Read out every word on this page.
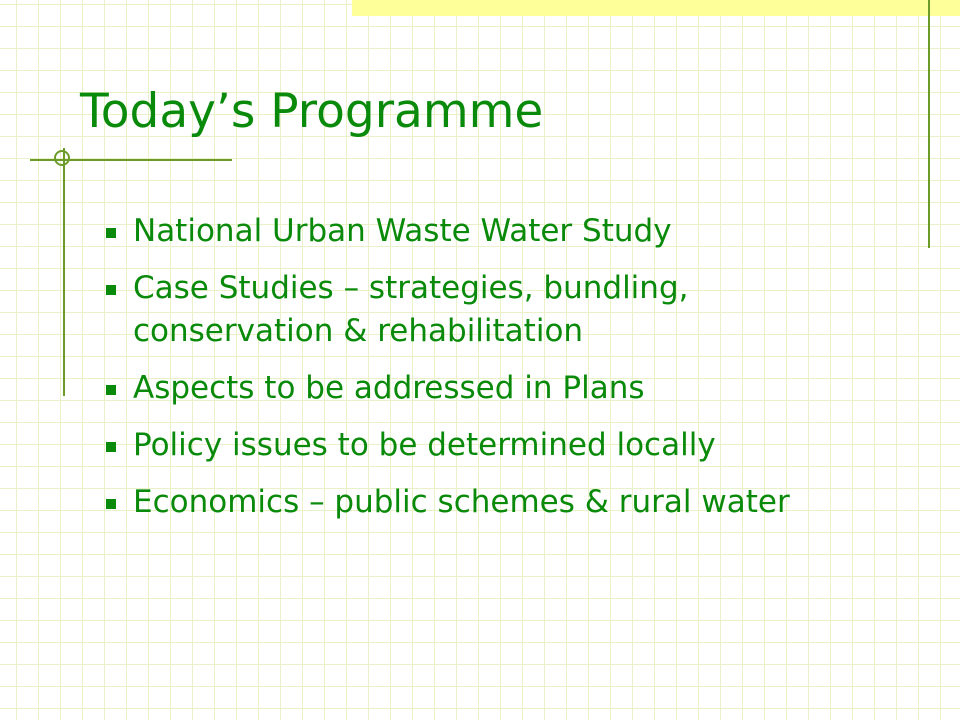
Today’s Programme
National Urban Waste Water Study
Case Studies – strategies, bundling, conservation & rehabilitation
Aspects to be addressed in Plans
Policy issues to be determined locally
Economics – public schemes & rural water
